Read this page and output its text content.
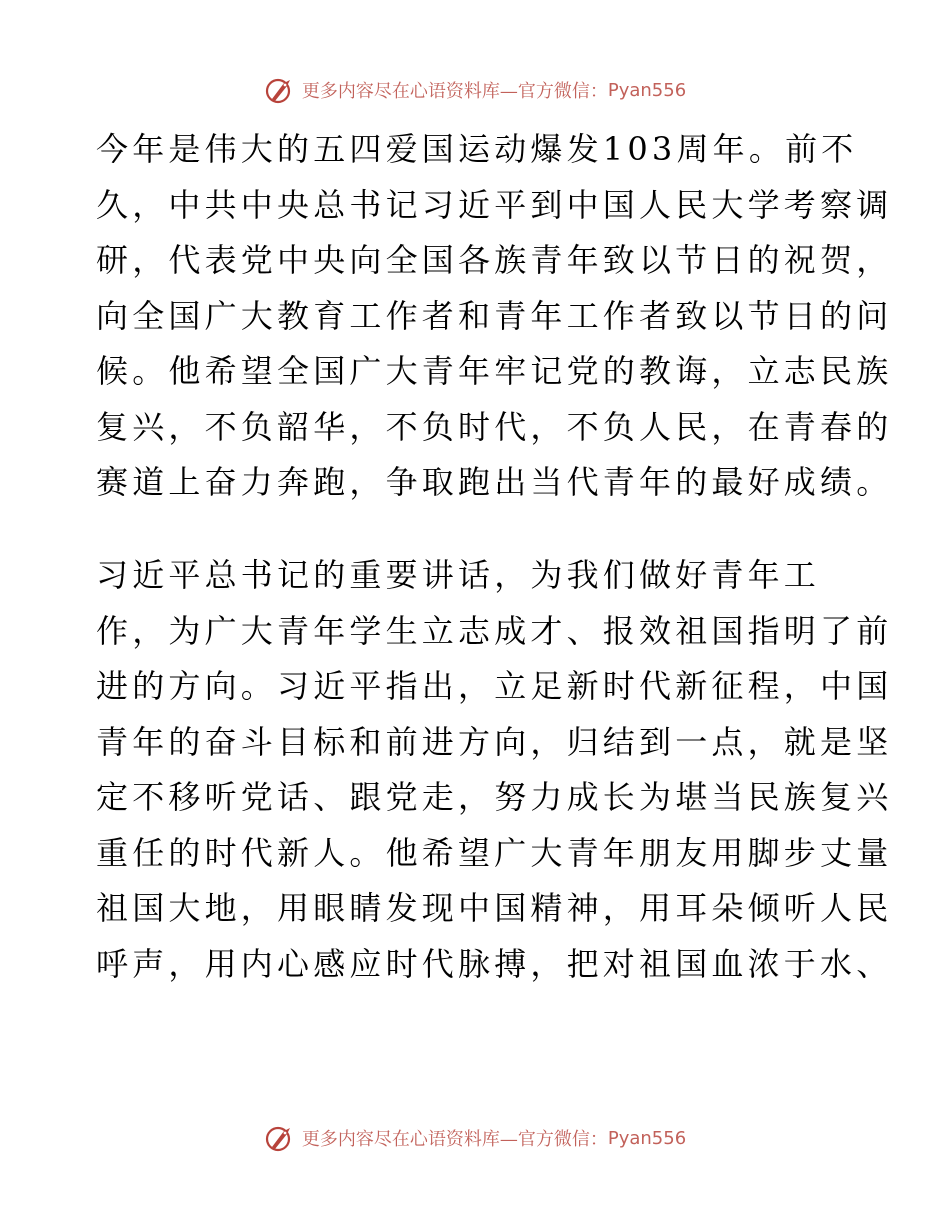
更多内容尽在心语资料库—官方微信： Pyan556
今年是伟大的五四爱国运动爆发103周年。前不
久，中共中央总书记习近平到中国人民大学考察调
研，代表党中央向全国各族青年致以节日的祝贺，
向全国广大教育工作者和青年工作者致以节日的问
候。他希望全国广大青年牢记党的教诲，立志民族
复兴，不负韶华，不负时代，不负人民，在青春的
赛道上奋力奔跑，争取跑出当代青年的最好成绩。
习近平总书记的重要讲话，为我们做好青年工
作，为广大青年学生立志成才、报效祖国指明了前
进的方向。习近平指出，立足新时代新征程，中国
青年的奋斗目标和前进方向，归结到一点，就是坚
定不移听党话、跟党走，努力成长为堪当民族复兴
重任的时代新人。他希望广大青年朋友用脚步丈量
祖国大地，用眼睛发现中国精神，用耳朵倾听人民
呼声，用内心感应时代脉搏，把对祖国血浓于水、
更多内容尽在心语资料库—官方微信： Pyan556
